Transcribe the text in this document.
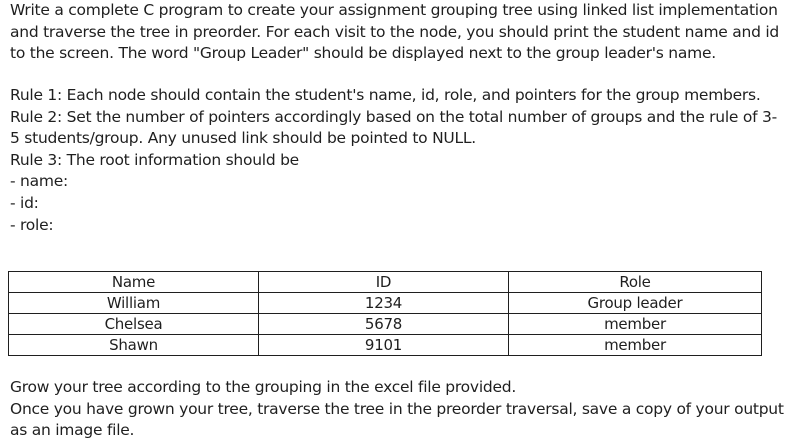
Write a complete C program to create your assignment grouping tree using linked list implementation

and traverse the tree in preorder. For each visit to the node, you should print the student name and id

to the screen. The word "Group Leader" should be displayed next to the group leader's name.

Rule 1: Each node should contain the student's name, id, role, and pointers for the group members.

Rule 2: Set the number of pointers accordingly based on the total number of groups and the rule of 3-

5 students/group. Any unused link should be pointed to NULL.

Rule 3: The root information should be

- name:

- id:

- role:

Name	ID	Role
William	1234	Group leader
Chelsea	5678	member
Shawn	9101	member

Grow your tree according to the grouping in the excel file provided.

Once you have grown your tree, traverse the tree in the preorder traversal, save a copy of your output

as an image file.
